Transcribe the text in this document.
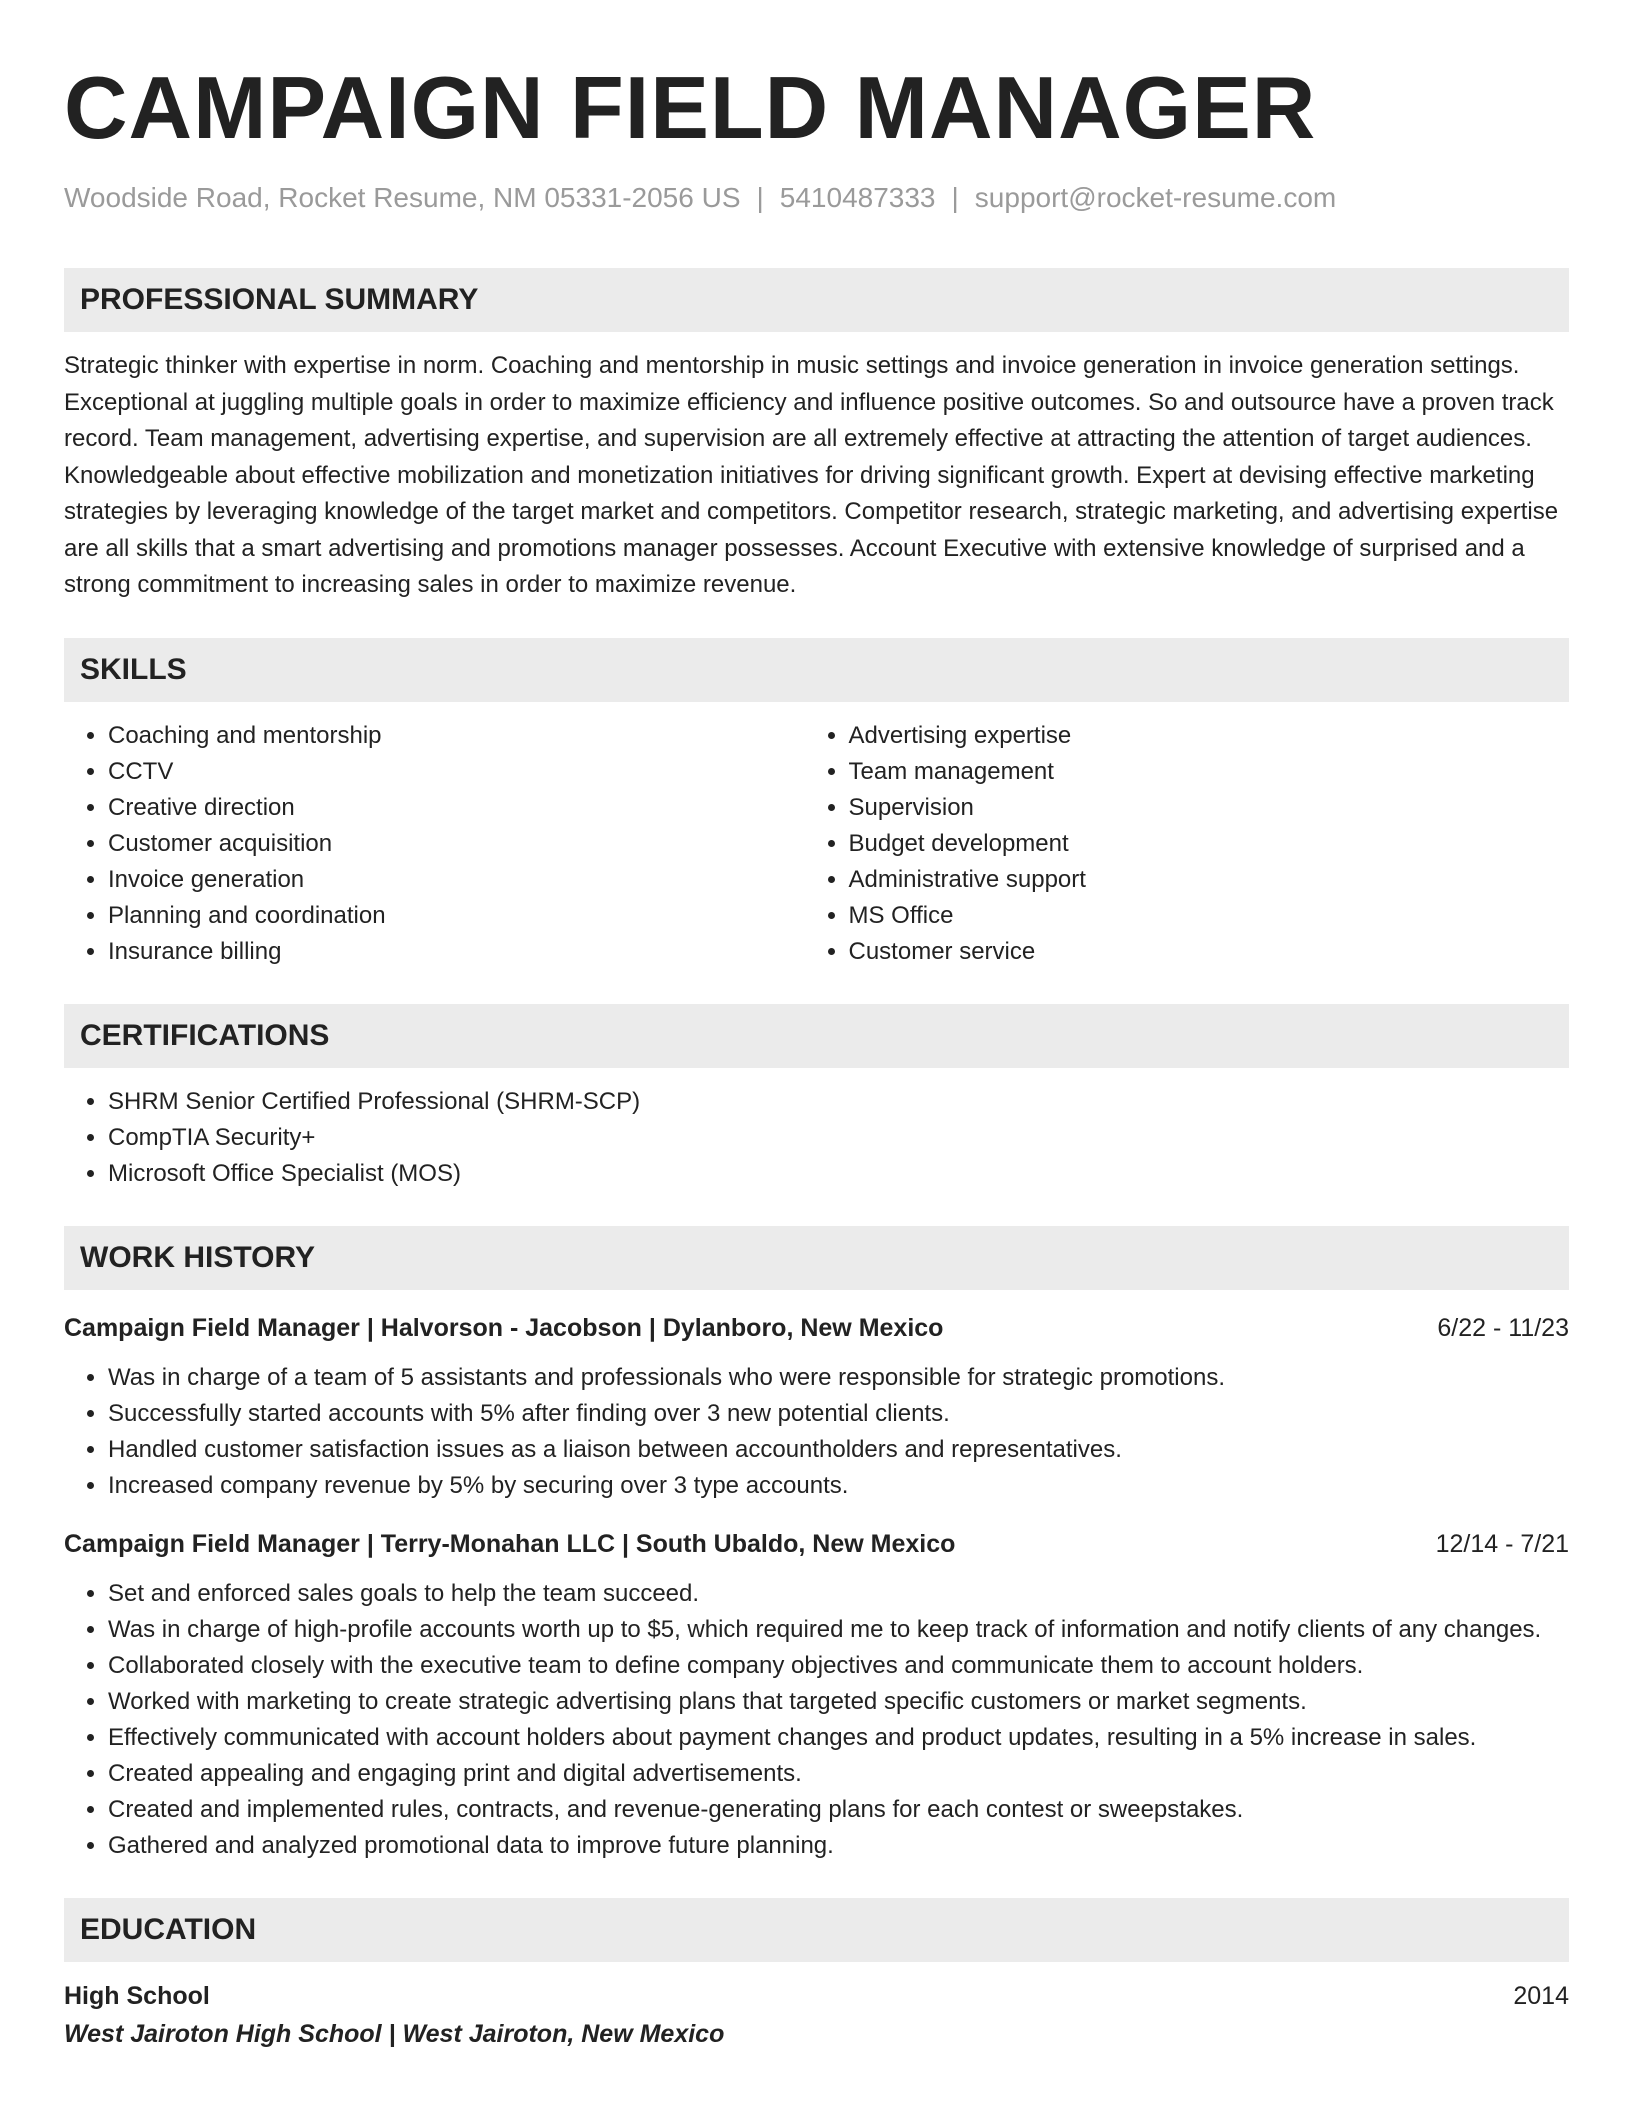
CAMPAIGN FIELD MANAGER
Woodside Road, Rocket Resume, NM 05331-2056 US | 5410487333 | support@rocket-resume.com
PROFESSIONAL SUMMARY

Strategic thinker with expertise in norm. Coaching and mentorship in music settings and invoice generation in invoice generation settings. Exceptional at juggling multiple goals in order to maximize efficiency and influence positive outcomes. So and outsource have a proven track record. Team management, advertising expertise, and supervision are all extremely effective at attracting the attention of target audiences. Knowledgeable about effective mobilization and monetization initiatives for driving significant growth. Expert at devising effective marketing strategies by leveraging knowledge of the target market and competitors. Competitor research, strategic marketing, and advertising expertise are all skills that a smart advertising and promotions manager possesses. Account Executive with extensive knowledge of surprised and a strong commitment to increasing sales in order to maximize revenue.

SKILLS
• Coaching and mentorship
• CCTV
• Creative direction
• Customer acquisition
• Invoice generation
• Planning and coordination
• Insurance billing
• Advertising expertise
• Team management
• Supervision
• Budget development
• Administrative support
• MS Office
• Customer service
CERTIFICATIONS
• SHRM Senior Certified Professional (SHRM-SCP)
• CompTIA Security+
• Microsoft Office Specialist (MOS)
WORK HISTORY
Campaign Field Manager | Halvorson - Jacobson | Dylanboro, New Mexico	6/22 - 11/23
• Was in charge of a team of 5 assistants and professionals who were responsible for strategic promotions.
• Successfully started accounts with 5% after finding over 3 new potential clients.
• Handled customer satisfaction issues as a liaison between accountholders and representatives.
• Increased company revenue by 5% by securing over 3 type accounts.
Campaign Field Manager | Terry-Monahan LLC | South Ubaldo, New Mexico	12/14 - 7/21
• Set and enforced sales goals to help the team succeed.
• Was in charge of high-profile accounts worth up to $5, which required me to keep track of information and notify clients of any changes.
• Collaborated closely with the executive team to define company objectives and communicate them to account holders.
• Worked with marketing to create strategic advertising plans that targeted specific customers or market segments.
• Effectively communicated with account holders about payment changes and product updates, resulting in a 5% increase in sales.
• Created appealing and engaging print and digital advertisements.
• Created and implemented rules, contracts, and revenue-generating plans for each contest or sweepstakes.
• Gathered and analyzed promotional data to improve future planning.
EDUCATION
High School	2014
West Jairoton High School | West Jairoton, New Mexico
